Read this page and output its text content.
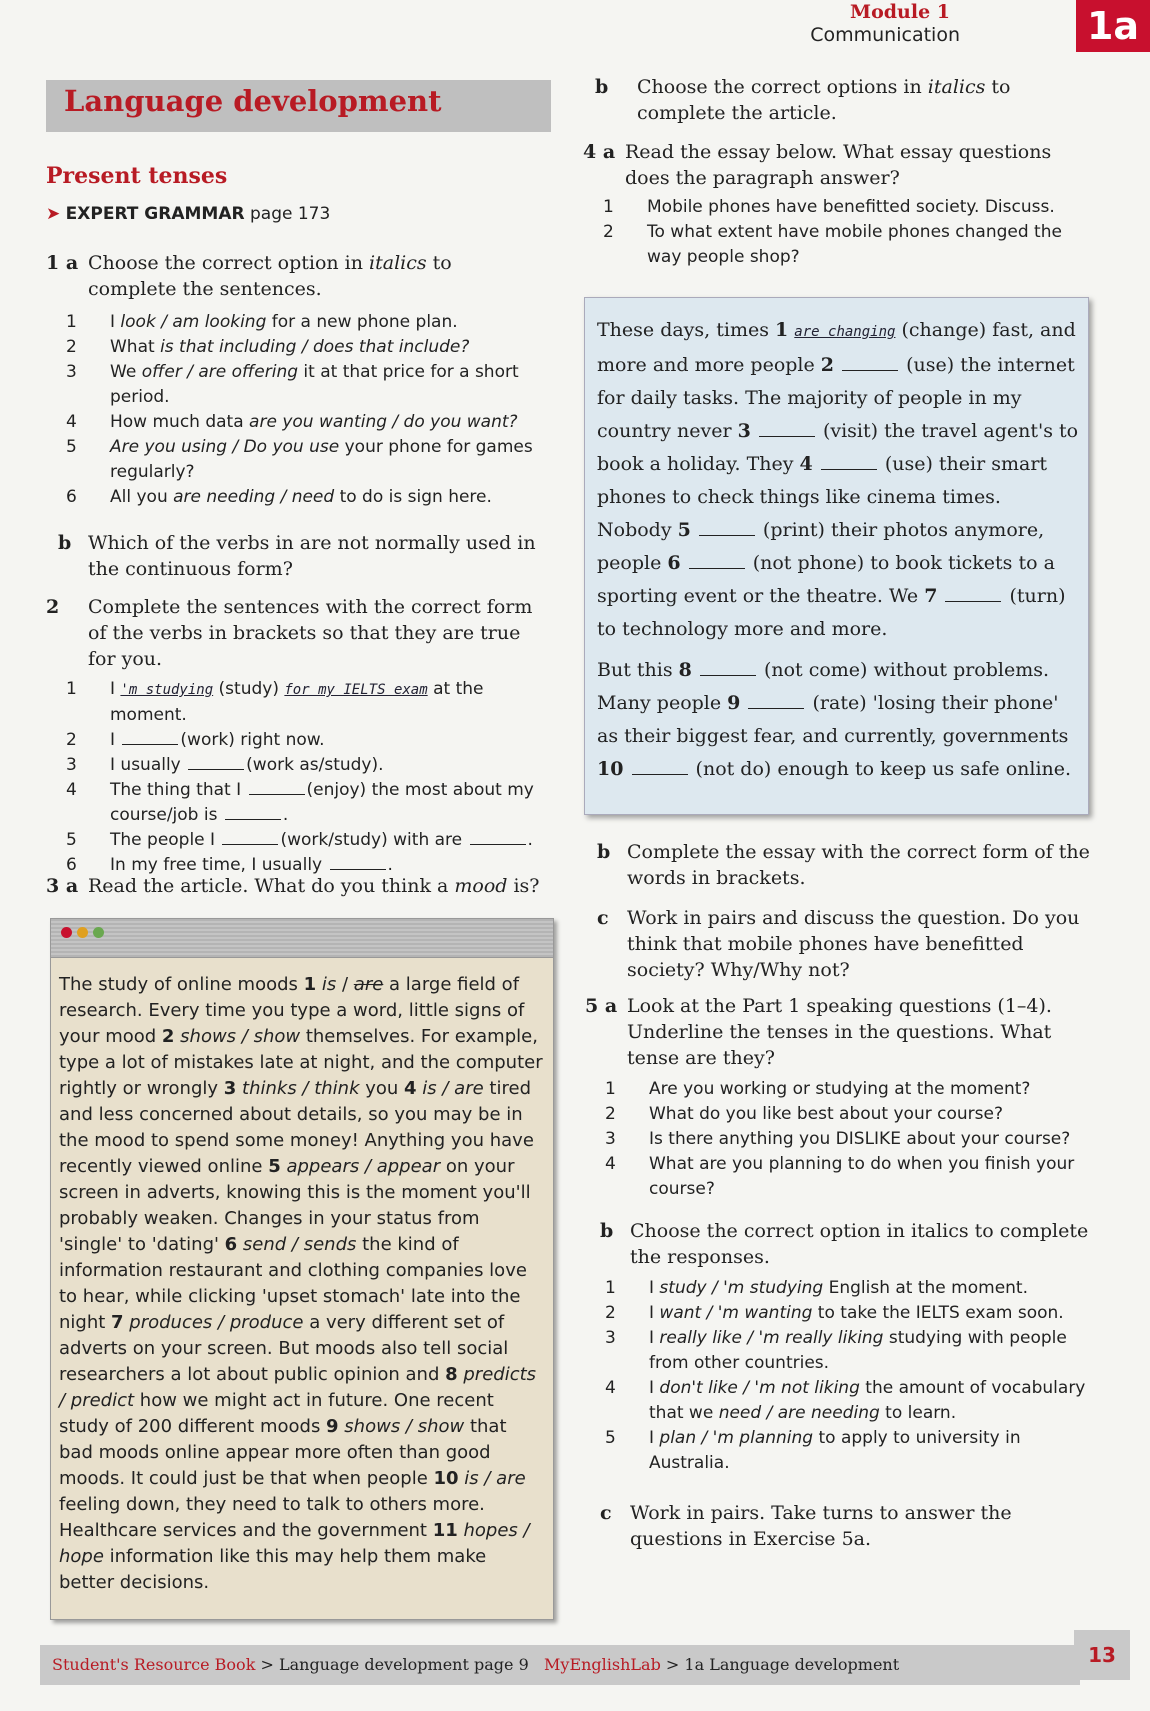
Module 1
Communication	1a
Language development
Present tenses
➤ EXPERT GRAMMAR page 173
1 a Choose the correct option in italics to complete the sentences.
1 I look / am looking for a new phone plan.
2 What is that including / does that include?
3 We offer / are offering it at that price for a short period.
4 How much data are you wanting / do you want?
5 Are you using / Do you use your phone for games regularly?
6 All you are needing / need to do is sign here.
b Which of the verbs in are not normally used in the continuous form?
2 Complete the sentences with the correct form of the verbs in brackets so that they are true for you.
1 I 'm studying (study) for my IELTS exam at the moment.
2 I	(work) right now.
3 I usually	(work as/study).
4 The thing that I	(enjoy) the most about my course/job is	.
5 The people I	(work/study) with are	.
6 In my free time, I usually	.
3 a Read the article. What do you think a mood is?
The study of online moods 1 is / are a large field of research. Every time you type a word, little signs of your mood 2 shows / show themselves. For example, type a lot of mistakes late at night, and the computer rightly or wrongly 3 thinks / think you 4 is / are tired and less concerned about details, so you may be in the mood to spend some money! Anything you have recently viewed online 5 appears / appear on your screen in adverts, knowing this is the moment you'll probably weaken. Changes in your status from 'single' to 'dating' 6 send / sends the kind of information restaurant and clothing companies love to hear, while clicking 'upset stomach' late into the night 7 produces / produce a very different set of adverts on your screen. But moods also tell social researchers a lot about public opinion and 8 predicts / predict how we might act in future. One recent study of 200 different moods 9 shows / show that bad moods online appear more often than good moods. It could just be that when people 10 is / are feeling down, they need to talk to others more. Healthcare services and the government 11 hopes / hope information like this may help them make better decisions.
b Choose the correct options in italics to complete the article.
4 a Read the essay below. What essay questions does the paragraph answer?
1 Mobile phones have benefitted society. Discuss.
2 To what extent have mobile phones changed the way people shop?

These days, times 1 are changing (change) fast, and more and more people 2	(use) the internet for daily tasks. The majority of people in my country never 3	(visit) the travel agent's to book a holiday. They 4	(use) their smart phones to check things like cinema times. Nobody 5	(print) their photos anymore, people 6	(not phone) to book tickets to a sporting event or the theatre. We 7	(turn) to technology more and more.

But this 8	(not come) without problems. Many people 9	(rate) 'losing their phone' as their biggest fear, and currently, governments 10	(not do) enough to keep us safe online.

b Complete the essay with the correct form of the words in brackets.
c Work in pairs and discuss the question. Do you think that mobile phones have benefitted society? Why/Why not?
5 a Look at the Part 1 speaking questions (1–4). Underline the tenses in the questions. What tense are they?
1 Are you working or studying at the moment?
2 What do you like best about your course?
3 Is there anything you DISLIKE about your course?
4 What are you planning to do when you finish your course?
b Choose the correct option in italics to complete the responses.
1 I study / 'm studying English at the moment.
2 I want / 'm wanting to take the IELTS exam soon.
3 I really like / 'm really liking studying with people from other countries.
4 I don't like / 'm not liking the amount of vocabulary that we need / are needing to learn.
5 I plan / 'm planning to apply to university in Australia.
c Work in pairs. Take turns to answer the questions in Exercise 5a.
Student's Resource Book > Language development page 9 MyEnglishLab > 1a Language development	13
